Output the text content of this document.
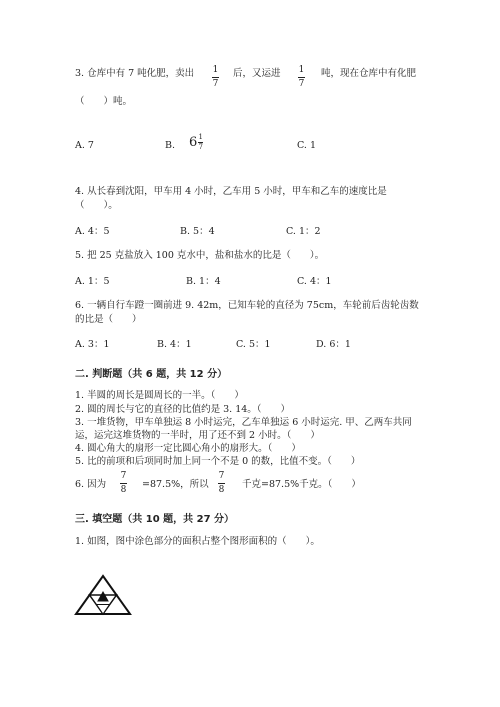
3. 仓库中有 7 吨化肥，卖出 1
7
后，又运进 1
7
吨，现在仓库中有化肥
（　　）吨。
A. 7	B. $6 \frac{1}{7}$	C. 1
4. 从长春到沈阳，甲车用 4 小时，乙车用 5 小时，甲车和乙车的速度比是
（　　）。
A. 4：5	B. 5：4	C. 1：2
5. 把 25 克盐放入 100 克水中，盐和盐水的比是（　　）。
A. 1：5	B. 1：4	C. 4：1
6. 一辆自行车蹬一圈前进 9. 42m，已知车轮的直径为 75cm，车轮前后齿轮齿数
的比是（　　）
A. 3：1	B. 4：1	C. 5：1	D. 6：1
二. 判断题（共 6 题，共 12 分）
1. 半圆的周长是圆周长的一半。（　　）
2. 圆的周长与它的直径的比值约是 3. 14。（　　）
3. 一堆货物，甲车单独运 8 小时运完，乙车单独运 6 小时运完. 甲、乙两车共同
运，运完这堆货物的一半时，用了还不到 2 小时。（　　）
4. 圆心角大的扇形一定比圆心角小的扇形大。（　　）
5. 比的前项和后项同时加上同一个不是 0 的数，比值不变。（　　）
6. 因为
7
8 =87.5%，所以
7
8 千克=87.5%千克。（　　）
三. 填空题（共 10 题，共 27 分）
1. 如图，图中涂色部分的面积占整个图形面积的（　　）。
